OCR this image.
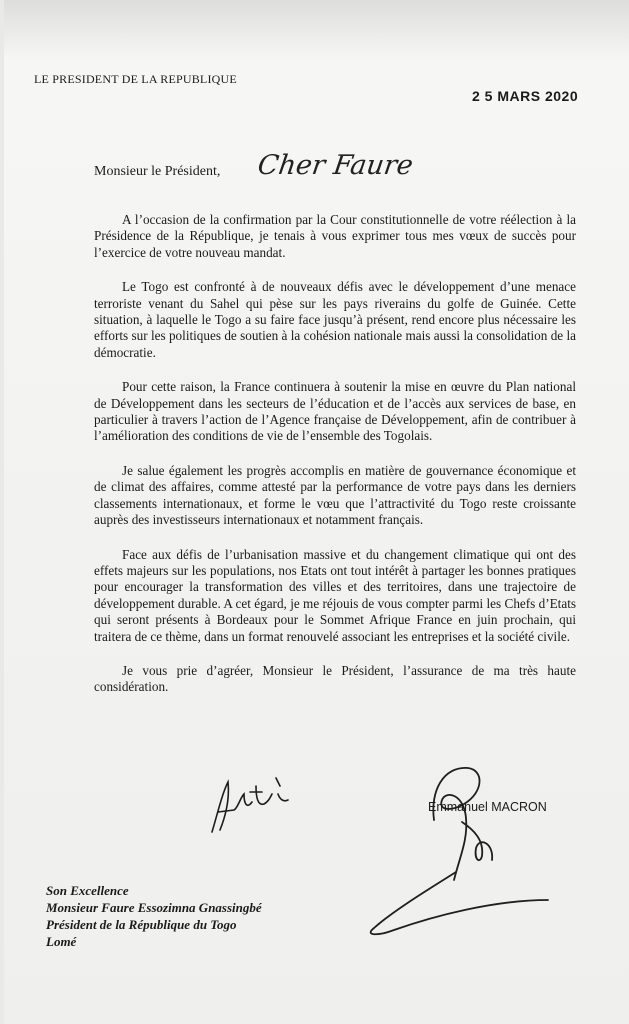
LE PRESIDENT DE LA REPUBLIQUE
2 5 MARS 2020
Monsieur le Président, Cher Faure

A l’occasion de la confirmation par la Cour constitutionnelle de votre réélection à la Présidence de la République, je tenais à vous exprimer tous mes vœux de succès pour l’exercice de votre nouveau mandat.

Le Togo est confronté à de nouveaux défis avec le développement d’une menace terroriste venant du Sahel qui pèse sur les pays riverains du golfe de Guinée. Cette situation, à laquelle le Togo a su faire face jusqu’à présent, rend encore plus nécessaire les efforts sur les politiques de soutien à la cohésion nationale mais aussi la consolidation de la démocratie.

Pour cette raison, la France continuera à soutenir la mise en œuvre du Plan national de Développement dans les secteurs de l’éducation et de l’accès aux services de base, en particulier à travers l’action de l’Agence française de Développement, afin de contribuer à l’amélioration des conditions de vie de l’ensemble des Togolais.

Je salue également les progrès accomplis en matière de gouvernance économique et de climat des affaires, comme attesté par la performance de votre pays dans les derniers classements internationaux, et forme le vœu que l’attractivité du Togo reste croissante auprès des investisseurs internationaux et notamment français.

Face aux défis de l’urbanisation massive et du changement climatique qui ont des effets majeurs sur les populations, nos Etats ont tout intérêt à partager les bonnes pratiques pour encourager la transformation des villes et des territoires, dans une trajectoire de développement durable. A cet égard, je me réjouis de vous compter parmi les Chefs d’Etats qui seront présents à Bordeaux pour le Sommet Afrique France en juin prochain, qui traitera de ce thème, dans un format renouvelé associant les entreprises et la société civile.

Je vous prie d’agréer, Monsieur le Président, l’assurance de ma très haute considération.

Emmanuel MACRON
Son Excellence
Monsieur Faure Essozimna Gnassingbé
Président de la République du Togo
Lomé
